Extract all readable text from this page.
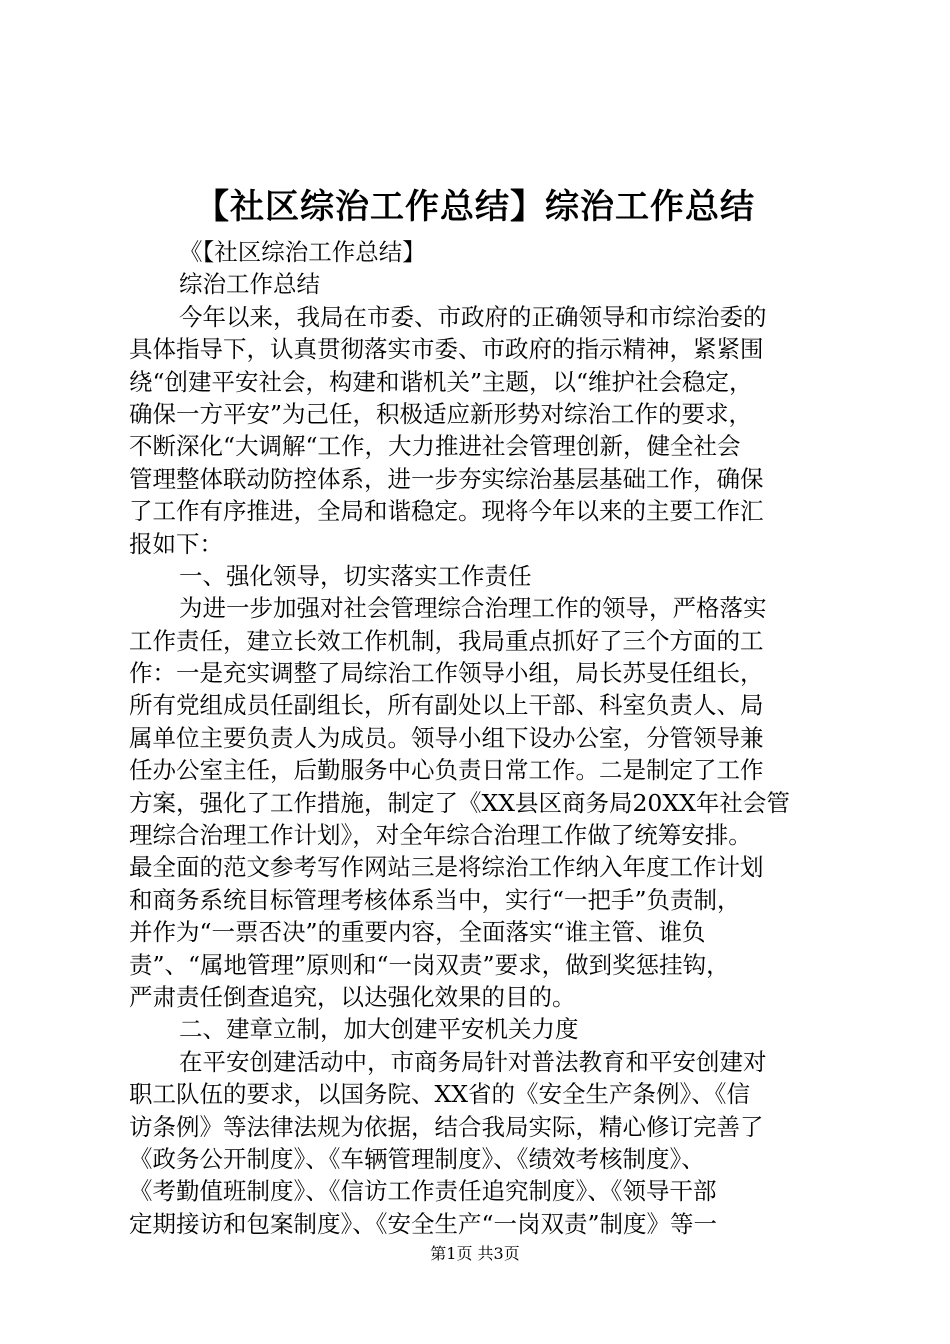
【社区综治工作总结】综治工作总结
《【社区综治工作总结】
综治工作总结
今年以来，我局在市委、市政府的正确领导和市综治委的
具体指导下，认真贯彻落实市委、市政府的指示精神，紧紧围
绕“创建平安社会，构建和谐机关”主题，以“维护社会稳定，
确保一方平安”为己任，积极适应新形势对综治工作的要求，
不断深化“大调解“工作，大力推进社会管理创新，健全社会
管理整体联动防控体系，进一步夯实综治基层基础工作，确保
了工作有序推进，全局和谐稳定。现将今年以来的主要工作汇
报如下：
一、强化领导，切实落实工作责任
为进一步加强对社会管理综合治理工作的领导，严格落实
工作责任，建立长效工作机制，我局重点抓好了三个方面的工
作：一是充实调整了局综治工作领导小组，局长苏旻任组长，
所有党组成员任副组长，所有副处以上干部、科室负责人、局
属单位主要负责人为成员。领导小组下设办公室，分管领导兼
任办公室主任，后勤服务中心负责日常工作。二是制定了工作
方案，强化了工作措施，制定了《XX县区商务局20XX年社会管
理综合治理工作计划》，对全年综合治理工作做了统筹安排。
最全面的范文参考写作网站三是将综治工作纳入年度工作计划
和商务系统目标管理考核体系当中，实行“一把手”负责制，
并作为“一票否决”的重要内容，全面落实“谁主管、谁负
责”、“属地管理”原则和“一岗双责”要求，做到奖惩挂钩，
严肃责任倒查追究，以达强化效果的目的。
二、建章立制，加大创建平安机关力度
在平安创建活动中，市商务局针对普法教育和平安创建对
职工队伍的要求，以国务院、XX省的《安全生产条例》、《信
访条例》等法律法规为依据，结合我局实际，精心修订完善了
《政务公开制度》、《车辆管理制度》、《绩效考核制度》、
《考勤值班制度》、《信访工作责任追究制度》、《领导干部
定期接访和包案制度》、《安全生产“一岗双责”制度》等一
第1页 共3页
